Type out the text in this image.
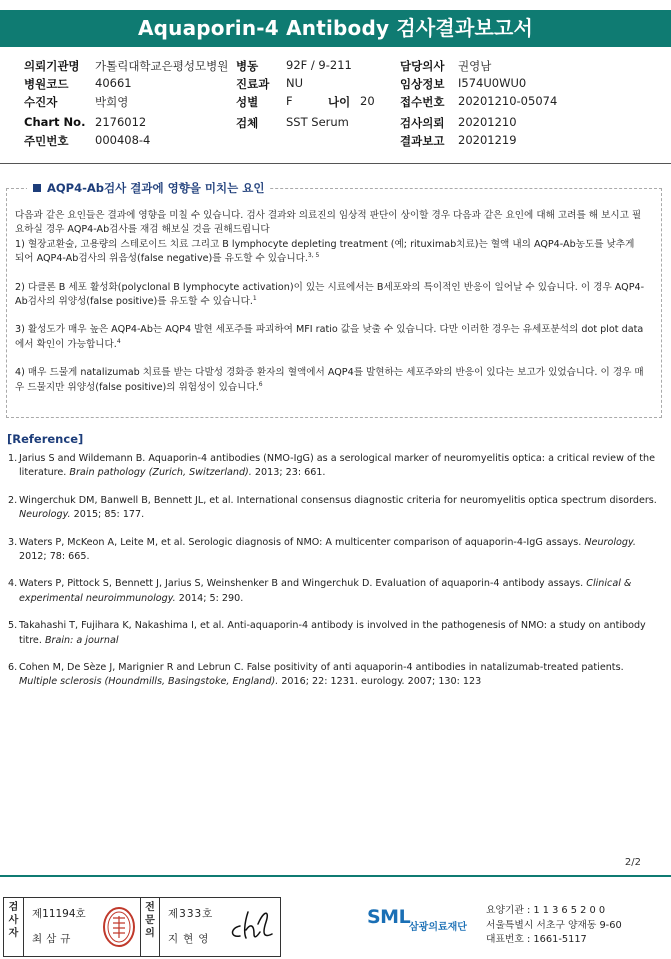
Aquaporin-4 Antibody 검사결과보고서
의뢰기관명 가톨릭대학교은평성모병원 병동 92F / 9-211	담당의사 권영남
병원코드 40661	진료과 NU	임상정보 I574U0WU0
수진자	박희영	성별 F	나이 20 접수번호 20201210-05074
Chart No. 2176012	검체 SST Serum	검사의뢰 20201210
주민번호 000408-4	결과보고 20201219
AQP4-Ab검사 결과에 영향을 미치는 요인

다음과 같은 요인들은 결과에 영향을 미칠 수 있습니다. 검사 결과와 의료진의 임상적 판단이 상이할 경우 다음과 같은 요인에 대해 고려를 해 보시고 필요하실 경우 AQP4-Ab검사를 재검 해보실 것을 권해드립니다

1) 혈장교환술, 고용량의 스테로이드 치료 그리고 B lymphocyte depleting treatment (예; rituximab치료)는 혈액 내의 AQP4-Ab농도를 낮추게 되어 AQP4-Ab검사의 위음성(false negative)를 유도할 수 있습니다.$^{3, 5}$

2) 다클론 B 세포 활성화(polyclonal B lymphocyte activation)이 있는 시료에서는 B세포와의 특이적인 반응이 일어날 수 있습니다. 이 경우 AQP4-Ab검사의 위양성(false positive)를 유도할 수 있습니다.$^1$

3) 활성도가 매우 높은 AQP4-Ab는 AQP4 발현 세포주를 파괴하여 MFI ratio 값을 낮출 수 있습니다. 다만 이러한 경우는 유세포분석의 dot plot data에서 확인이 가능합니다.$^4$

4) 매우 드물게 natalizumab 치료를 받는 다발성 경화증 환자의 혈액에서 AQP4를 발현하는 세포주와의 반응이 있다는 보고가 있었습니다. 이 경우 매우 드물지만 위양성(false positive)의 위험성이 있습니다.$^6$

[Reference]
1. Jarius S and Wildemann B. Aquaporin-4 antibodies (NMO-IgG) as a serological marker of neuromyelitis optica: a critical review of the literature. Brain pathology (Zurich, Switzerland). 2013; 23: 661.
2. Wingerchuk DM, Banwell B, Bennett JL, et al. International consensus diagnostic criteria for neuromyelitis optica spectrum disorders. Neurology. 2015; 85: 177.
3. Waters P, McKeon A, Leite M, et al. Serologic diagnosis of NMO: A multicenter comparison of aquaporin-4-IgG assays. Neurology. 2012; 78: 665.
4. Waters P, Pittock S, Bennett J, Jarius S, Weinshenker B and Wingerchuk D. Evaluation of aquaporin-4 antibody assays. Clinical & experimental neuroimmunology. 2014; 5: 290.
5. Takahashi T, Fujihara K, Nakashima I, et al. Anti-aquaporin-4 antibody is involved in the pathogenesis of NMO: a study on antibody titre. Brain: a journal
6. Cohen M, De Sèze J, Marignier R and Lebrun C. False positivity of anti aquaporin-4 antibodies in natalizumab-treated patients. Multiple sclerosis (Houndmills, Basingstoke, England). 2016; 22: 1231. eurology. 2007; 130: 123
2/2
검사자
제11194호
최삼규
전문의
제333호
지현영
SML
삼광의료재단
요양기관 : 1 1 3 6 5 2 0 0
서울특별시 서초구 양재동 9-60
대표번호 : 1661-5117
